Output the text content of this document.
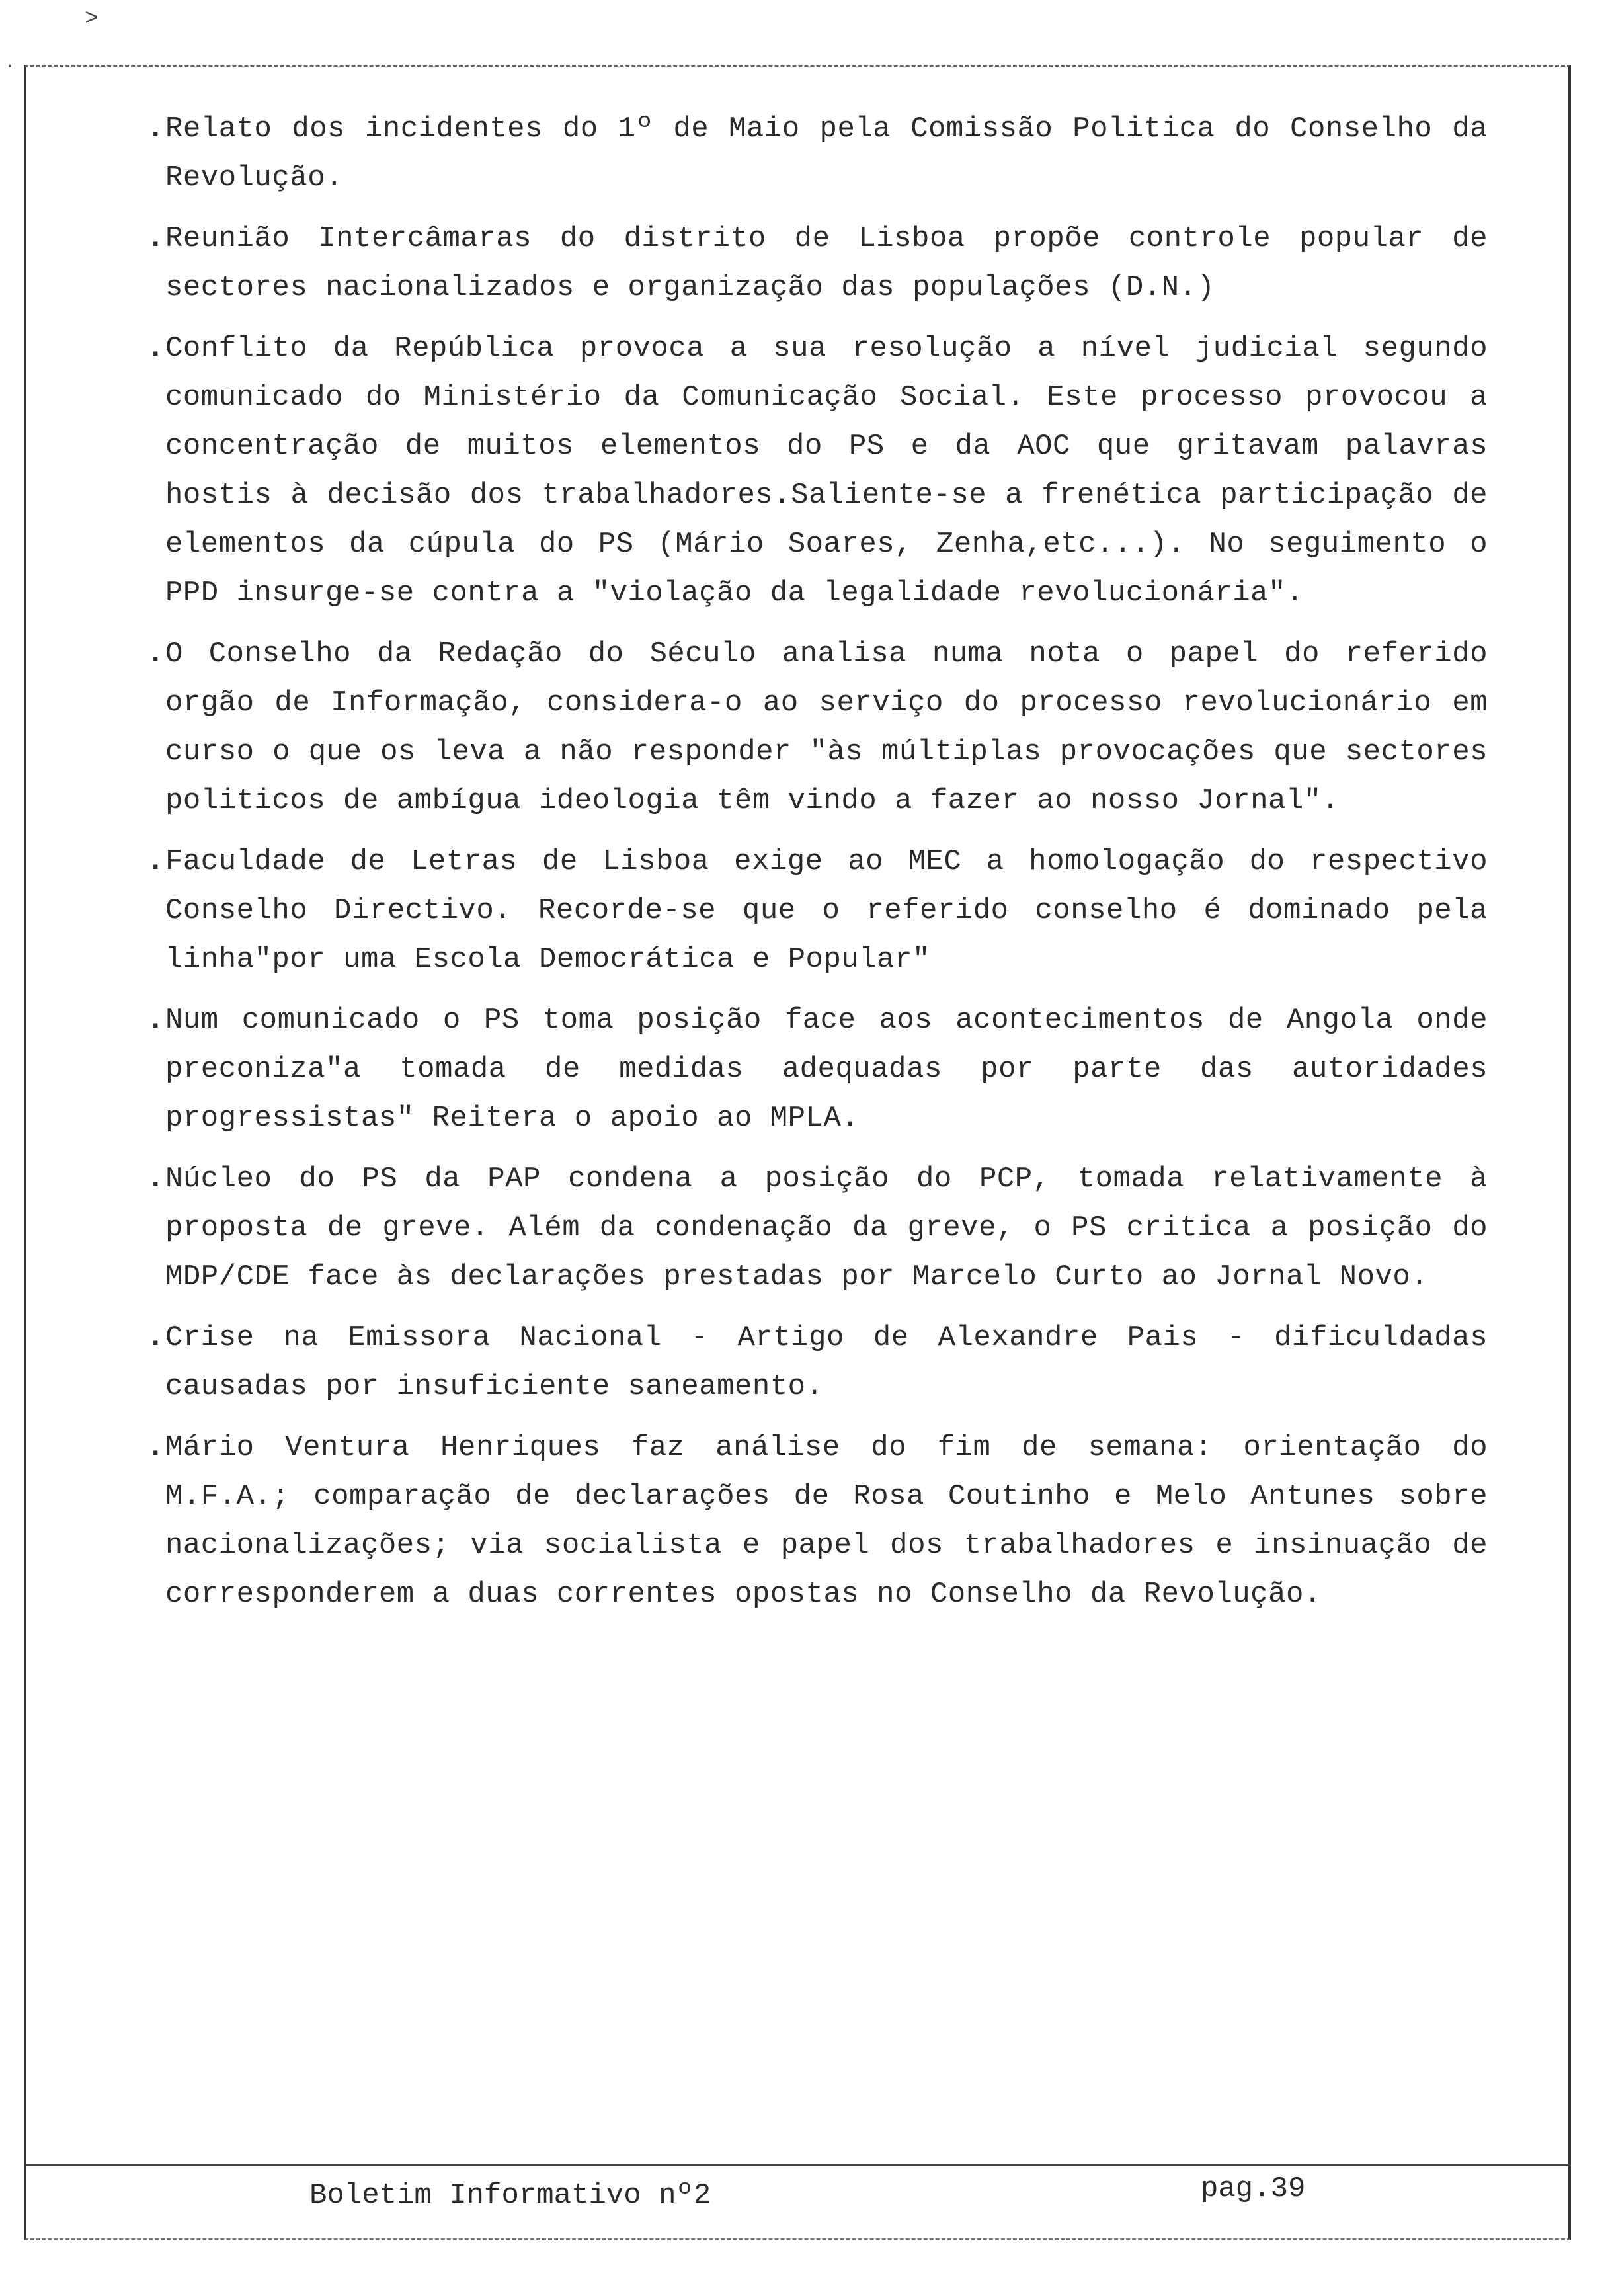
˃
·
. Relato dos incidentes do 1º de Maio pela Comissão Politica do Conselho da Revolução.
. Reunião Intercâmaras do distrito de Lisboa propõe controle popular de sectores nacionalizados e organização das populações (D.N.)
. Conflito da República provoca a sua resolução a nível judicial segundo comunicado do Ministério da Comunicação Social. Este processo provocou a concentração de muitos elementos do PS e da AOC que gritavam palavras hostis à decisão dos trabalhadores.Saliente-se a frenética participação de elementos da cúpula do PS (Mário Soares, Zenha,etc...). No seguimento o PPD insurge-se contra a "violação da legalidade revolucionária".
. O Conselho da Redação do Século analisa numa nota o papel do referido orgão de Informação, considera-o ao serviço do processo revolucionário em curso o que os leva a não responder "às múltiplas provocações que sectores politicos de ambígua ideologia têm vindo a fazer ao nosso Jornal".
. Faculdade de Letras de Lisboa exige ao MEC a homologação do respectivo Conselho Directivo. Recorde-se que o referido conselho é dominado pela linha"por uma Escola Democrática e Popular"
. Num comunicado o PS toma posição face aos acontecimentos de Angola onde preconiza"a tomada de medidas adequadas por parte das autoridades progressistas" Reitera o apoio ao MPLA.
. Núcleo do PS da PAP condena a posição do PCP, tomada relativamente à proposta de greve. Além da condenação da greve, o PS critica a posição do MDP/CDE face às declarações prestadas por Marcelo Curto ao Jornal Novo.
. Crise na Emissora Nacional - Artigo de Alexandre Pais - dificuldadas causadas por insuficiente saneamento.
. Mário Ventura Henriques faz análise do fim de semana: orientação do M.F.A.; comparação de declarações de Rosa Coutinho e Melo Antunes sobre nacionalizações; via socialista e papel dos trabalhadores e insinuação de corresponderem a duas correntes opostas no Conselho da Revolução.
Boletim Informativo nº2	pag.39
